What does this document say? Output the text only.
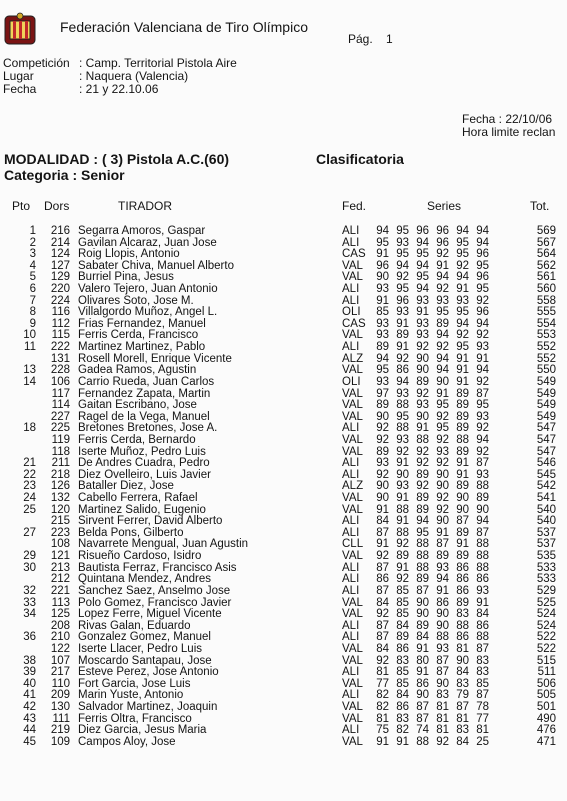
Federación Valenciana de Tiro Olímpico
Pág. 1
Competición : Camp. Territorial Pistola Aire
Lugar	: Naquera (Valencia)
Fecha	: 21 y 22.10.06
Fecha : 22/10/06
Hora limite reclan
MODALIDAD : ( 3) Pistola A.C.(60)	Clasificatoria
Categoria : Senior
Pto Dors	TIRADOR	Fed.	Series	Tot.
1	216 Segarra Amoros, Gaspar	ALI	94 95 96 96 94 94	569
2	214 Gavilan Alcaraz, Juan Jose	ALI	95 93 94 96 95 94	567
3	124 Roig Llopis, Antonio	CAS 91 95 95 92 95 96	564
4	127 Sabater Chiva, Manuel Alberto	VAL	96 94 94 91 92 95	562
5	129 Burriel Pina, Jesus	VAL	90 92 95 94 94 96	561
6	220 Valero Tejero, Juan Antonio	ALI	93 95 94 92 91 95	560
7	224 Olivares Soto, Jose M.	ALI	91 96 93 93 93 92	558
8	116 Villalgordo Muñoz, Angel L.	OLI	85 93 91 95 95 96	555
9	112 Frias Fernandez, Manuel	CAS 93 91 93 89 94 94	554
10	115 Ferris Cerda, Francisco	VAL	93 89 93 94 92 92	553
11	222 Martinez Martinez, Pablo	ALI	89 91 92 92 95 93	552
131 Rosell Morell, Enrique Vicente	ALZ	94 92 90 94 91 91	552
13	228 Gadea Ramos, Agustin	VAL	95 86 90 94 91 94	550
14	106 Carrio Rueda, Juan Carlos	OLI	93 94 89 90 91 92	549
117 Fernandez Zapata, Martin	VAL	97 93 92 91 89 87	549
114 Gaitan Escribano, Jose	VAL	89 88 93 95 89 95	549
227 Ragel de la Vega, Manuel	VAL	90 95 90 92 89 93	549
18	225 Bretones Bretones, Jose A.	ALI	92 88 91 95 89 92	547
119 Ferris Cerda, Bernardo	VAL	92 93 88 92 88 94	547
118 Iserte Muñoz, Pedro Luis	VAL	89 92 92 93 89 92	547
21	211 De Andres Cuadra, Pedro	ALI	93 91 92 92 91 87	546
22	218 Diez Ovelleiro, Luis Javier	ALI	92 90 89 90 91 93	545
23	126 Bataller Diez, Jose	ALZ	90 93 92 90 89 88	542
24	132 Cabello Ferrera, Rafael	VAL	90 91 89 92 90 89	541
25	120 Martinez Salido, Eugenio	VAL	91 88 89 92 90 90	540
215 Sirvent Ferrer, David Alberto	ALI	84 91 94 90 87 94	540
27	223 Belda Pons, Gilberto	ALI	87 88 95 91 89 87	537
108 Navarrete Mengual, Juan Agustin	CLL	91 92 88 87 91 88	537
29	121 Risueño Cardoso, Isidro	VAL	92 89 88 89 89 88	535
30	213 Bautista Ferraz, Francisco Asis	ALI	87 91 88 93 86 88	533
212 Quintana Mendez, Andres	ALI	86 92 89 94 86 86	533
32	221 Sanchez Saez, Anselmo Jose	ALI	87 85 87 91 86 93	529
33	113 Polo Gomez, Francisco Javier	VAL	84 85 90 86 89 91	525
34	125 Lopez Ferre, Miguel Vicente	VAL	92 85 90 90 83 84	524
208 Rivas Galan, Eduardo	ALI	87 84 89 90 88 86	524
36	210 Gonzalez Gomez, Manuel	ALI	87 89 84 88 86 88	522
122 Iserte Llacer, Pedro Luis	VAL	84 86 91 93 81 87	522
38	107 Moscardo Santapau, Jose	VAL	92 83 80 87 90 83	515
39	217 Esteve Perez, Jose Antonio	ALI	81 85 91 87 84 83	511
40	110 Fort Garcia, Jose Luis	VAL	77 85 86 90 83 85	506
41	209 Marin Yuste, Antonio	ALI	82 84 90 83 79 87	505
42	130 Salvador Martinez, Joaquin	VAL	82 86 87 81 87 78	501
43	111 Ferris Oltra, Francisco	VAL	81 83 87 81 81 77	490
44	219 Diez Garcia, Jesus Maria	ALI	75 82 74 81 83 81	476
45	109 Campos Aloy, Jose	VAL	91 91 88 92 84 25	471
